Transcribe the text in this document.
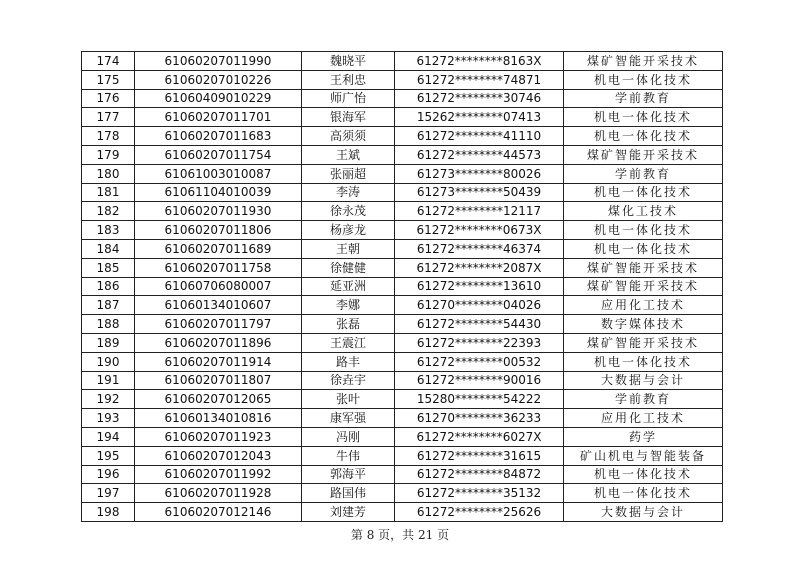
174	61060207011990	魏晓平	61272********8163X	煤矿智能开采技术
175	61060207010226	王利忠	61272********74871	机电一体化技术
176	61060409010229	师广怡	61272********30746	学前教育
177	61060207011701	银海军	15262********07413	机电一体化技术
178	61060207011683	高须须	61272********41110	机电一体化技术
179	61060207011754	王斌	61272********44573	煤矿智能开采技术
180	61061003010087	张丽超	61273********80026	学前教育
181	61061104010039	李涛	61273********50439	机电一体化技术
182	61060207011930	徐永茂	61272********12117	煤化工技术
183	61060207011806	杨彦龙	61272********0673X	机电一体化技术
184	61060207011689	王朝	61272********46374	机电一体化技术
185	61060207011758	徐健健	61272********2087X	煤矿智能开采技术
186	61060706080007	延亚洲	61272********13610	煤矿智能开采技术
187	61060134010607	李娜	61270********04026	应用化工技术
188	61060207011797	张磊	61272********54430	数字媒体技术
189	61060207011896	王震江	61272********22393	煤矿智能开采技术
190	61060207011914	路丰	61272********00532	机电一体化技术
191	61060207011807	徐垚宇	61272********90016	大数据与会计
192	61060207012065	张叶	15280********54222	学前教育
193	61060134010816	康军强	61270********36233	应用化工技术
194	61060207011923	冯刚	61272********6027X	药学
195	61060207012043	牛伟	61272********31615	矿山机电与智能装备
196	61060207011992	郭海平	61272********84872	机电一体化技术
197	61060207011928	路国伟	61272********35132	机电一体化技术
198	61060207012146	刘建芳	61272********25626	大数据与会计
第 8 页，共 21 页
